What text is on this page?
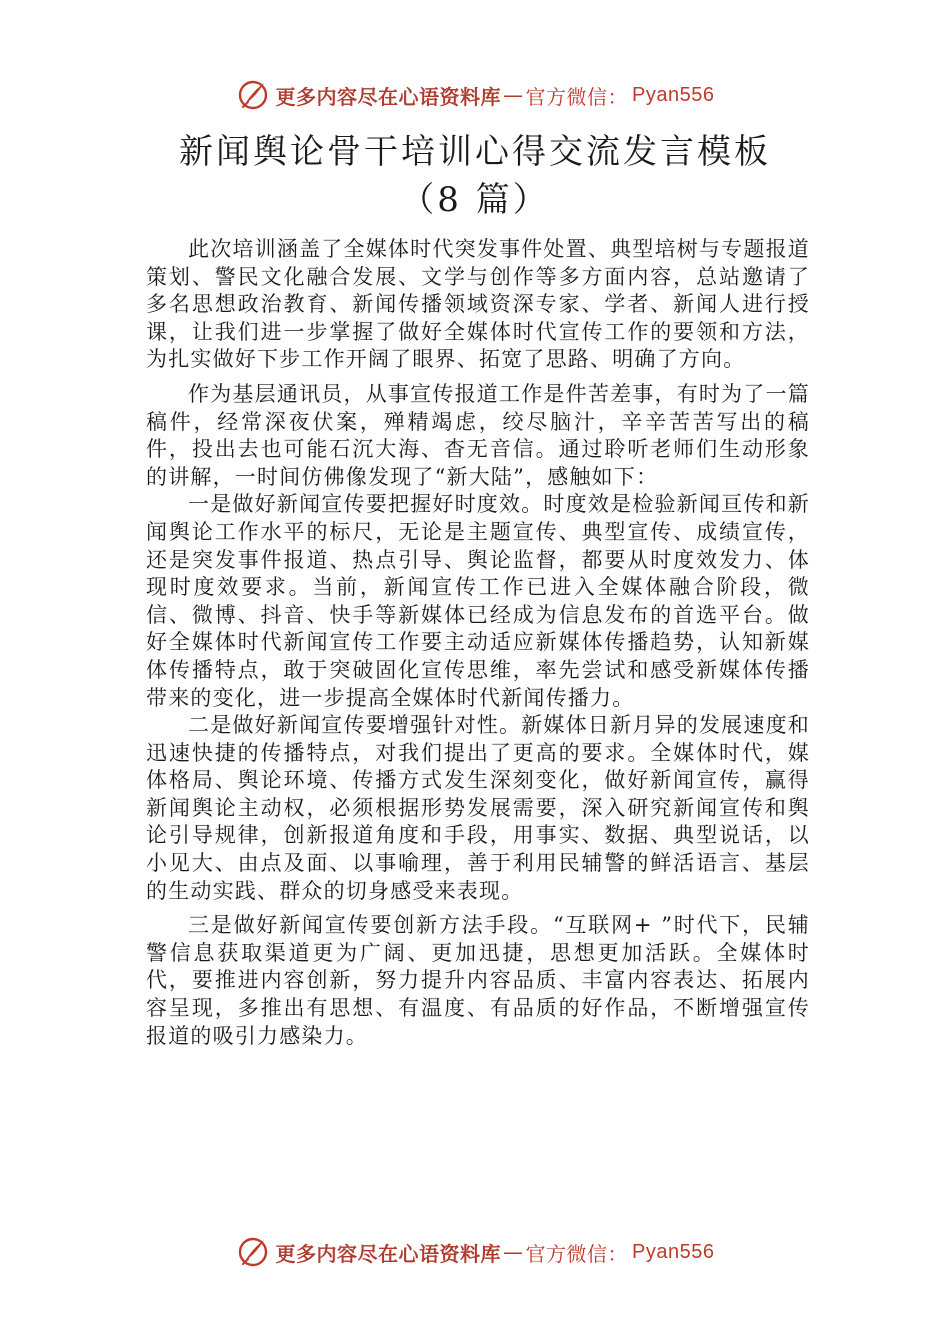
更多内容尽在心语资料库 — 官方微信： Pyan556
新闻舆论骨干培训心得交流发言模板
（8 篇）

此次培训涵盖了全媒体时代突发事件处置、典型培树与专题报道策划、警民文化融合发展、文学与创作等多方面内容，总站邀请了多名思想政治教育、新闻传播领域资深专家、学者、新闻人进行授课，让我们进一步掌握了做好全媒体时代宣传工作的要领和方法，为扎实做好下步工作开阔了眼界、拓宽了思路、明确了方向。

作为基层通讯员，从事宣传报道工作是件苦差事，有时为了一篇稿件，经常深夜伏案，殚精竭虑，绞尽脑汁，辛辛苦苦写出的稿件，投出去也可能石沉大海、杳无音信。通过聆听老师们生动形象的讲解，一时间仿佛像发现了“新大陆”，感触如下：

一是做好新闻宣传要把握好时度效。时度效是检验新闻亘传和新闻舆论工作水平的标尺，无论是主题宣传、典型宣传、成绩宣传，还是突发事件报道、热点引导、舆论监督，都要从时度效发力、体现时度效要求。当前，新闻宣传工作已进入全媒体融合阶段，微信、微博、抖音、快手等新媒体已经成为信息发布的首选平台。做好全媒体时代新闻宣传工作要主动适应新媒体传播趋势，认知新媒体传播特点，敢于突破固化宣传思维，率先尝试和感受新媒体传播带来的变化，进一步提高全媒体时代新闻传播力。

二是做好新闻宣传要增强针对性。新媒体日新月异的发展速度和迅速快捷的传播特点，对我们提出了更高的要求。全媒体时代，媒体格局、舆论环境、传播方式发生深刻变化，做好新闻宣传，赢得新闻舆论主动权，必须根据形势发展需要，深入研究新闻宣传和舆论引导规律，创新报道角度和手段，用事实、数据、典型说话，以小见大、由点及面、以事喻理，善于利用民辅警的鲜活语言、基层的生动实践、群众的切身感受来表现。

三是做好新闻宣传要创新方法手段。“互联网+ ”时代下，民辅警信息获取渠道更为广阔、更加迅捷，思想更加活跃。全媒体时代，要推进内容创新，努力提升内容品质、丰富内容表达、拓展内容呈现，多推出有思想、有温度、有品质的好作品，不断增强宣传报道的吸引力感染力。

更多内容尽在心语资料库 — 官方微信： Pyan556
